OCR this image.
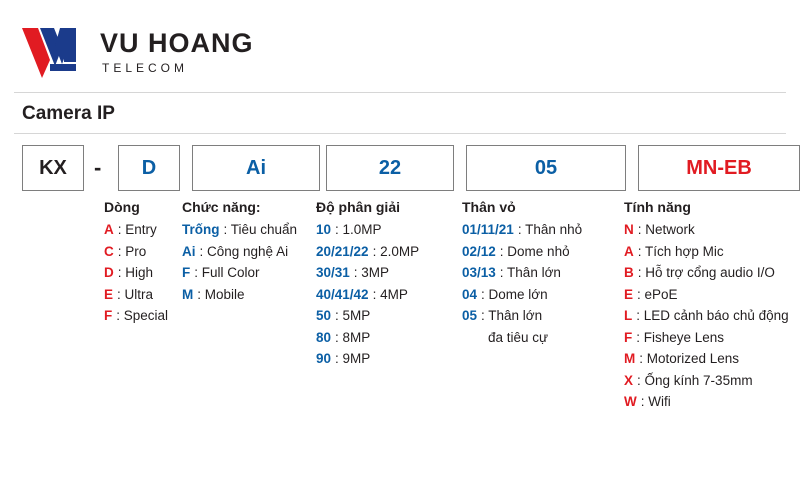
VU HOANG
TELECOM
Camera IP
KX	D	Ai	22	05	MN-EB
-
Dòng
A : Entry
C : Pro
D : High
E : Ultra
F : Special
Chức năng:
Trống : Tiêu chuẩn
Ai : Công nghệ Ai
F : Full Color
M : Mobile
Độ phân giải
10 : 1.0MP
20/21/22 : 2.0MP
30/31 : 3MP
40/41/42 : 4MP
50 : 5MP
80 : 8MP
90 : 9MP
Thân vỏ
01/11/21 : Thân nhỏ
02/12 : Dome nhỏ
03/13 : Thân lớn
04 : Dome lớn
05 : Thân lớn
đa tiêu cự
Tính năng
N : Network
A : Tích hợp Mic
B : Hỗ trợ cổng audio I/O
E : ePoE
L : LED cảnh báo chủ động
F : Fisheye Lens
M : Motorized Lens
X : Ống kính 7-35mm
W : Wifi
